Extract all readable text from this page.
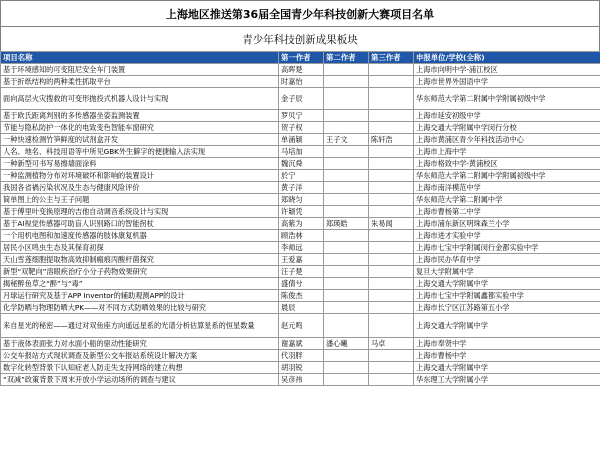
上海地区推送第36届全国青少年科技创新大赛项目名单
青少年科技创新成果板块
项目名称	第一作者	第二作者	第三作者	申报单位/学校(全称)
基于环境感知的可变阻尼安全车门装置	高晖楚			上海市向明中学-浦江校区
基于折纸结构的两种柔性抓取平台	时嘉怡			上海市世界外国语中学
面向高层火灾搜救的可变形抛投式机器人设计与实现	金子辰			华东师范大学第二附属中学附属初级中学
基于欧氏距离判别的多传感器坐姿监测装置	罗贝宁			上海市延安初级中学
节能与隐私防护一体化的电致变色智能车窗研究	贺子权			上海交通大学附属中学闵行分校
一种快速检测竹笋鲜度的试剂盒开发	单涌颖	王子文	陈轩浩	上海市黄浦区青少年科技活动中心
人名、地名、科技用语等中所见GBK外生僻字的便捷输入法实现	马培加			上海市上海中学
一种新型可书写易擦墙面涂料	魏沉舜			上海市格致中学-黄浦校区
一种监测植物分布对环境破坏和影响的装置设计	於宁			华东师范大学第二附属中学附属初级中学
我国各省禍污染状况及生态与健康风险评价	黄子洋			上海市南洋模范中学
简单图上的公主与王子问题	郑晓匀			华东师范大学第二附属中学
基于傅里叶变换原理的吉他自动调音系统设计与实现	许颖凭			上海市曹杨第二中学
基于AI视觉传感器可助盲人识别路口的智能拐杖	高紫为	郑瑛皓	朱易闻	上海市浦东新区明珠森兰小学
一个用机电图和加速度传感器的肢体康复机器	顾浩林			上海市进才实验中学
居民小区鸣虫生态及其保育初探	李师远			上海市七宝中学附属闵行金都实验中学
天山雪莲细胞提取物高效抑制瘢痕丙酸杆菌探究	王爱嘉			上海市民办华育中学
新型“双靶向”溶眼疾治疗小分子药物效果研究	汪子楚			复旦大学附属中学
揭秘醉鱼草之“醉”与“毒”	盛倩兮			上海交通大学附属中学
月球运行研究及基于APP Inventor的辅助观测APP的设计	陈俊杰			上海市七宝中学附属鑫都实验中学
化学防晒与物理防晒大PK——对不同方式防晒效果的比较与研究	晨辰			上海市长宁区江苏路第五小学
来自星光的秘密——通过对双鱼座方向遥远星系的光谱分析估算星系的恒星数量	赵元鸣			上海交通大学附属中学
基于液体表面张力对水面小船的驱动性能研究	谢嘉斌	潘心曦	马卓	上海市奉贤中学
公交车报站方式现状调查及新型公交车报站系统设计解决方案	代羽胖			上海市曹杨中学
数字化转型背景下认知症老人防走失支持网络的建立构想	胡羽锐			上海交通大学附属中学
“双减”政策背景下周末开放小学运动场所的调查与建议	吴彦祎			华东理工大学附属小学
